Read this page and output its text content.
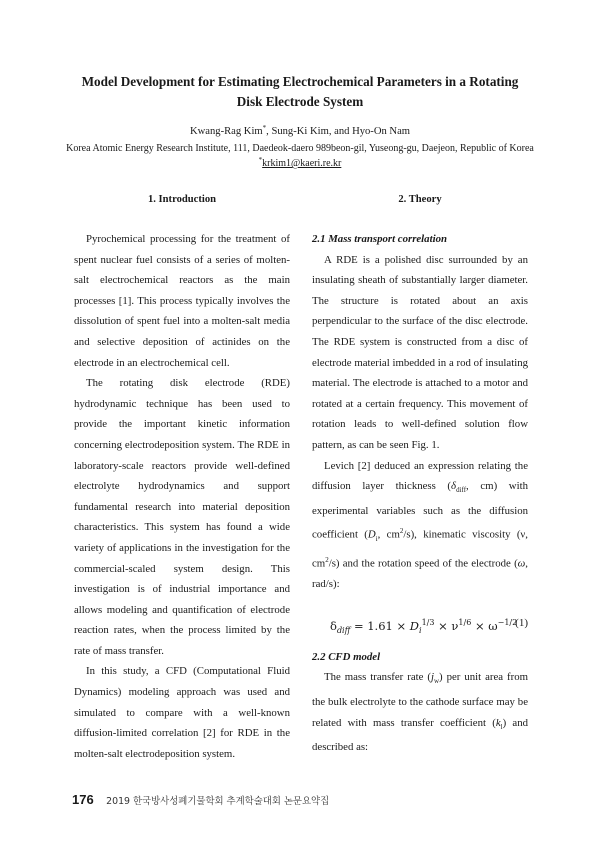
Model Development for Estimating Electrochemical Parameters in a Rotating
Disk Electrode System
Kwang-Rag Kim*, Sung-Ki Kim, and Hyo-On Nam
Korea Atomic Energy Research Institute, 111, Daedeok-daero 989beon-gil, Yuseong-gu, Daejeon, Republic of Korea
*krkim1@kaeri.re.kr
1. Introduction	2. Theory

Pyrochemical processing for the treatment of spent nuclear fuel consists of a series of molten-salt electrochemical reactors as the main processes [1]. This process typically involves the dissolution of spent fuel into a molten-salt media and selective deposition of actinides on the electrode in an electrochemical cell.

The rotating disk electrode (RDE) hydrodynamic technique has been used to provide the important kinetic information concerning electrodeposition system. The RDE in laboratory-scale reactors provide well-defined electrolyte hydrodynamics and support fundamental research into material deposition characteristics. This system has found a wide variety of applications in the investigation for the commercial-scaled system design. This investigation is of industrial importance and allows modeling and quantification of electrode reaction rates, when the process limited by the rate of mass transfer.

In this study, a CFD (Computational Fluid Dynamics) modeling approach was used and simulated to compare with a well-known diffusion-limited correlation [2] for RDE in the molten-salt electrodeposition system.

2.1 Mass transport correlation

A RDE is a polished disc surrounded by an insulating sheath of substantially larger diameter. The structure is rotated about an axis perpendicular to the surface of the disc electrode. The RDE system is constructed from a disc of electrode material imbedded in a rod of insulating material. The electrode is attached to a motor and rotated at a certain frequency. This movement of rotation leads to well-defined solution flow pattern, as can be seen Fig. 1.

Levich [2] deduced an expression relating the diffusion layer thickness ($\delta_{diff}$, cm) with experimental variables such as the diffusion coefficient ($D_i$, $cm^2/s$), kinematic viscosity (ν, $cm^2/s$) and the rotation speed of the electrode (ω, rad/s):

$\delta_{diff} = 1.61 \times D_i^{1/3} \times \nu^{1/6} \times \omega^{-1/2}$
(1)

2.2 CFD model

The mass transfer rate $(j_w)$ per unit area from the bulk electrolyte to the cathode surface may be related with mass transfer coefficient $(k_l)$ and described as:

176 2019 한국방사성폐기물학회 추계학술대회 논문요약집
